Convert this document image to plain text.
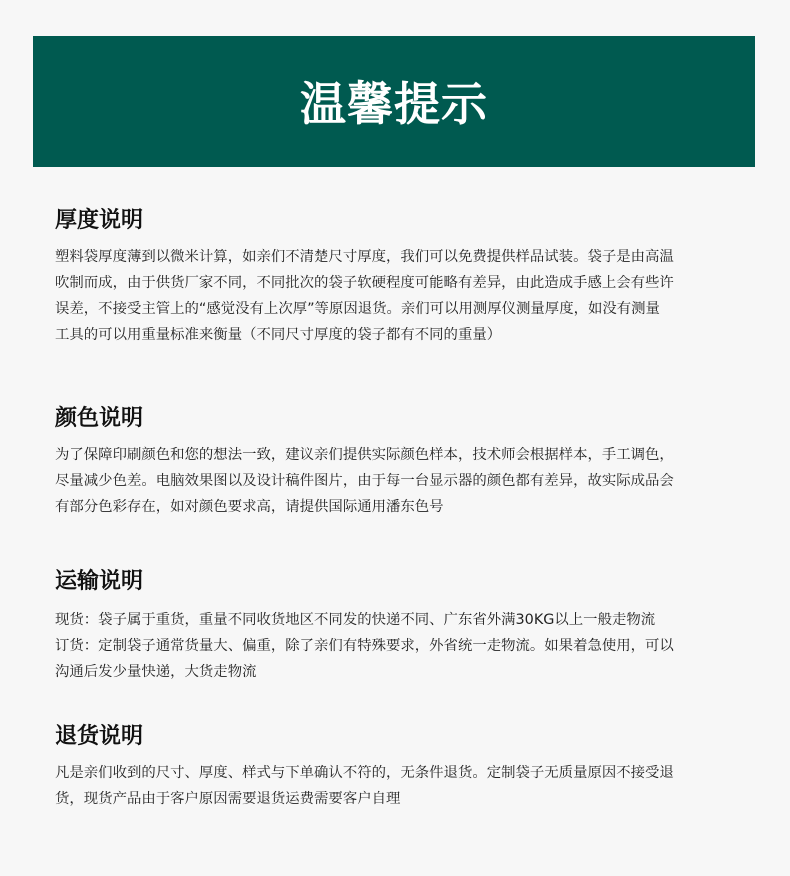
温馨提示
厚度说明

塑料袋厚度薄到以微米计算，如亲们不清楚尺寸厚度，我们可以免费提供样品试装。袋子是由高温
吹制而成，由于供货厂家不同，不同批次的袋子软硬程度可能略有差异，由此造成手感上会有些许
误差，不接受主管上的“感觉没有上次厚”等原因退货。亲们可以用测厚仪测量厚度，如没有测量
工具的可以用重量标准来衡量（不同尺寸厚度的袋子都有不同的重量）

颜色说明

为了保障印刷颜色和您的想法一致，建议亲们提供实际颜色样本，技术师会根据样本，手工调色，
尽量减少色差。电脑效果图以及设计稿件图片，由于每一台显示器的颜色都有差异，故实际成品会
有部分色彩存在，如对颜色要求高，请提供国际通用潘东色号

运输说明

现货：袋子属于重货，重量不同收货地区不同发的快递不同、广东省外满30KG以上一般走物流
订货：定制袋子通常货量大、偏重，除了亲们有特殊要求，外省统一走物流。如果着急使用，可以
沟通后发少量快递，大货走物流

退货说明

凡是亲们收到的尺寸、厚度、样式与下单确认不符的，无条件退货。定制袋子无质量原因不接受退
货，现货产品由于客户原因需要退货运费需要客户自理
